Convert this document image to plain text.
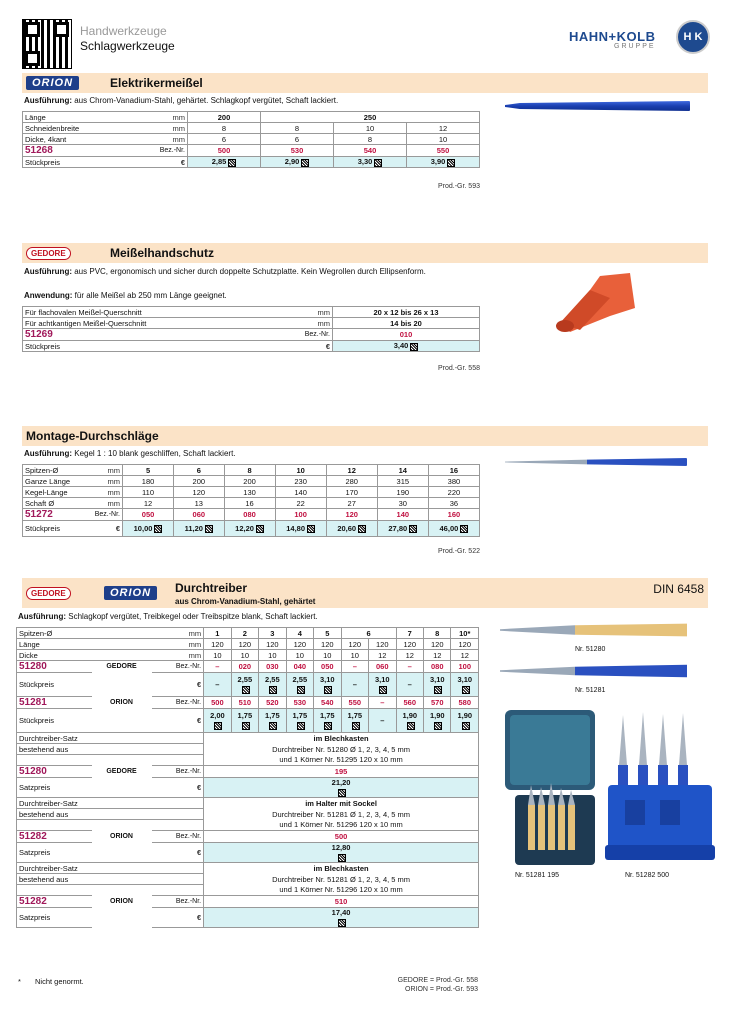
Handwerkzeuge
Schlagwerkzeuge
HAHN+KOLB
GRUPPE
H K
ORION	Elektrikermeißel
Ausführung: aus Chrom-Vanadium-Stahl, gehärtet. Schlagkopf vergütet, Schaft lackiert.
Länge	mm	200	250		
Schneidenbreite	mm	8	8	10	12
Dicke, 4kant	mm	6	6	8	10
51268	Bez.-Nr.	500	530	540	550
Stückpreis	€	2,85	2,90	3,30	3,90
Prod.-Gr. 593
GEDORE	Meißelhandschutz
Ausführung: aus PVC, ergonomisch und sicher durch doppelte Schutzplatte. Kein Wegrollen durch Ellipsenform.
Anwendung: für alle Meißel ab 250 mm Länge geeignet.
Für flachovalen Meißel-Querschnitt	mm	20 x 12 bis 26 x 13
Für achtkantigen Meißel-Querschnitt	mm	14 bis 20
51269	Bez.-Nr.	010
Stückpreis	€	3,40
Prod.-Gr. 558
Montage-Durchschläge
Ausführung: Kegel 1 : 10 blank geschliffen, Schaft lackiert.
Spitzen-Ø	mm	5	6	8	10	12	14	16
Ganze Länge	mm	180	200	200	230	280	315	380
Kegel-Länge	mm	110	120	130	140	170	190	220
Schaft Ø	mm	12	13	16	22	27	30	36
51272	Bez.-Nr.	050	060	080	100	120	140	160
Stückpreis	€	10,00	11,20	12,20	14,80	20,60	27,80	46,00
Prod.-Gr. 522
GEDORE	ORION	Durchtreiber
aus Chrom-Vanadium-Stahl, gehärtet
DIN 6458
Ausführung: Schlagkopf vergütet, Treibkegel oder Treibspitze blank, Schaft lackiert.
Spitzen-Ø	mm		1	2	3	4	5	6		7	8	10*
Länge	mm		120	120	120	120	120	120	120	120	120	120
Dicke	mm		10	10	10	10	10	10	12	12	12	12
51280	GEDORE	Bez.-Nr.	–	020	030	040	050	–	060	–	080	100
Stückpreis		€	–	2,55	2,55	2,55	3,10	–	3,10	–	3,10	3,10

51281	ORION	Bez.-Nr.	500	510	520	530	540	550	–	560	570	580
Stückpreis		€	2,00	1,75	1,75	1,75	1,75	1,75	–	1,90	1,90	1,90

Durchtreiber-Satz			im Blechkasten									
bestehend aus			Durchtreiber Nr. 51280 Ø 1, 2, 3, 4, 5 mm									
			und 1 Körner Nr. 51295 120 x 10 mm									
51280	GEDORE	Bez.-Nr.	195									
Satzpreis		€	21,20									

Durchtreiber-Satz			im Halter mit Sockel									
bestehend aus			Durchtreiber Nr. 51281 Ø 1, 2, 3, 4, 5 mm									
			und 1 Körner Nr. 51296 120 x 10 mm									
51282	ORION	Bez.-Nr.	500									
Satzpreis		€	12,80									

Durchtreiber-Satz			im Blechkasten									
bestehend aus			Durchtreiber Nr. 51281 Ø 1, 2, 3, 4, 5 mm									
			und 1 Körner Nr. 51296 120 x 10 mm									
51282	ORION	Bez.-Nr.	510									
Satzpreis		€	17,40									

Nr. 51280
Nr. 51281
Nr. 51281 195	Nr. 51282 500
* Nicht genormt.	GEDORE = Prod.-Gr. 558
ORION = Prod.-Gr. 593
